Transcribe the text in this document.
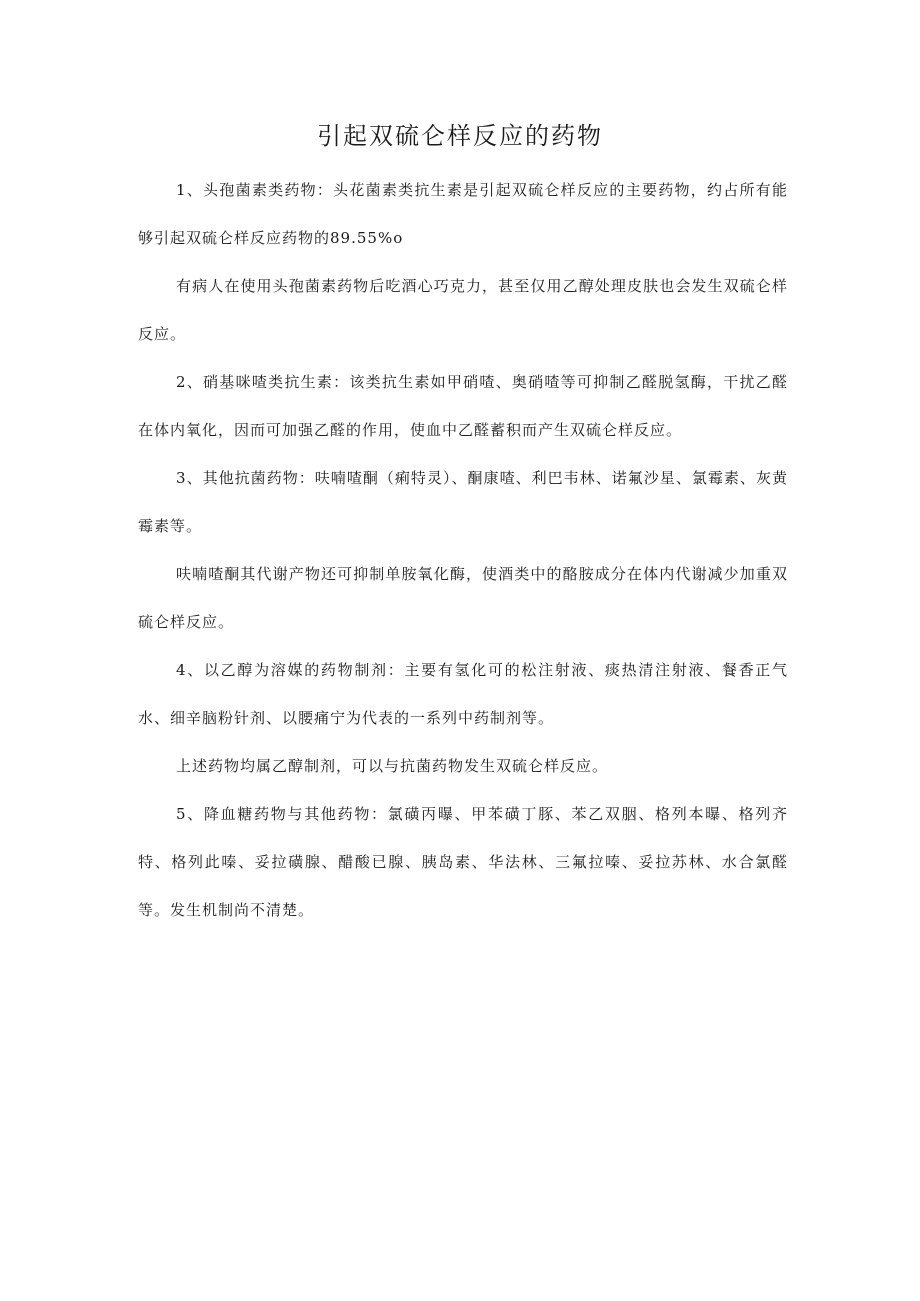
引起双硫仑样反应的药物

1、头孢菌素类药物：头花菌素类抗生素是引起双硫仑样反应的主要药物，约占所有能够引起双硫仑样反应药物的89.55%o

有病人在使用头孢菌素药物后吃酒心巧克力，甚至仅用乙醇处理皮肤也会发生双硫仑样反应。

2、硝基咪喳类抗生素：该类抗生素如甲硝喳、奥硝喳等可抑制乙醛脱氢酶，干扰乙醛在体内氧化，因而可加强乙醛的作用，使血中乙醛蓄积而产生双硫仑样反应。

3、其他抗菌药物：呋喃喳酮（痢特灵）、酮康喳、利巴韦林、诺氟沙星、氯霉素、灰黄霉素等。

呋喃喳酮其代谢产物还可抑制单胺氧化酶，使酒类中的酪胺成分在体内代谢减少加重双硫仑样反应。

4、以乙醇为溶媒的药物制剂：主要有氢化可的松注射液、痰热清注射液、餐香正气水、细辛脑粉针剂、以腰痛宁为代表的一系列中药制剂等。

上述药物均属乙醇制剂，可以与抗菌药物发生双硫仑样反应。

5、降血糖药物与其他药物：氯磺丙曝、甲苯磺丁豚、苯乙双胭、格列本曝、格列齐特、格列此嗪、妥拉磺腺、醋酸已腺、胰岛素、华法林、三氟拉嗪、妥拉苏林、水合氯醛等。发生机制尚不清楚。
